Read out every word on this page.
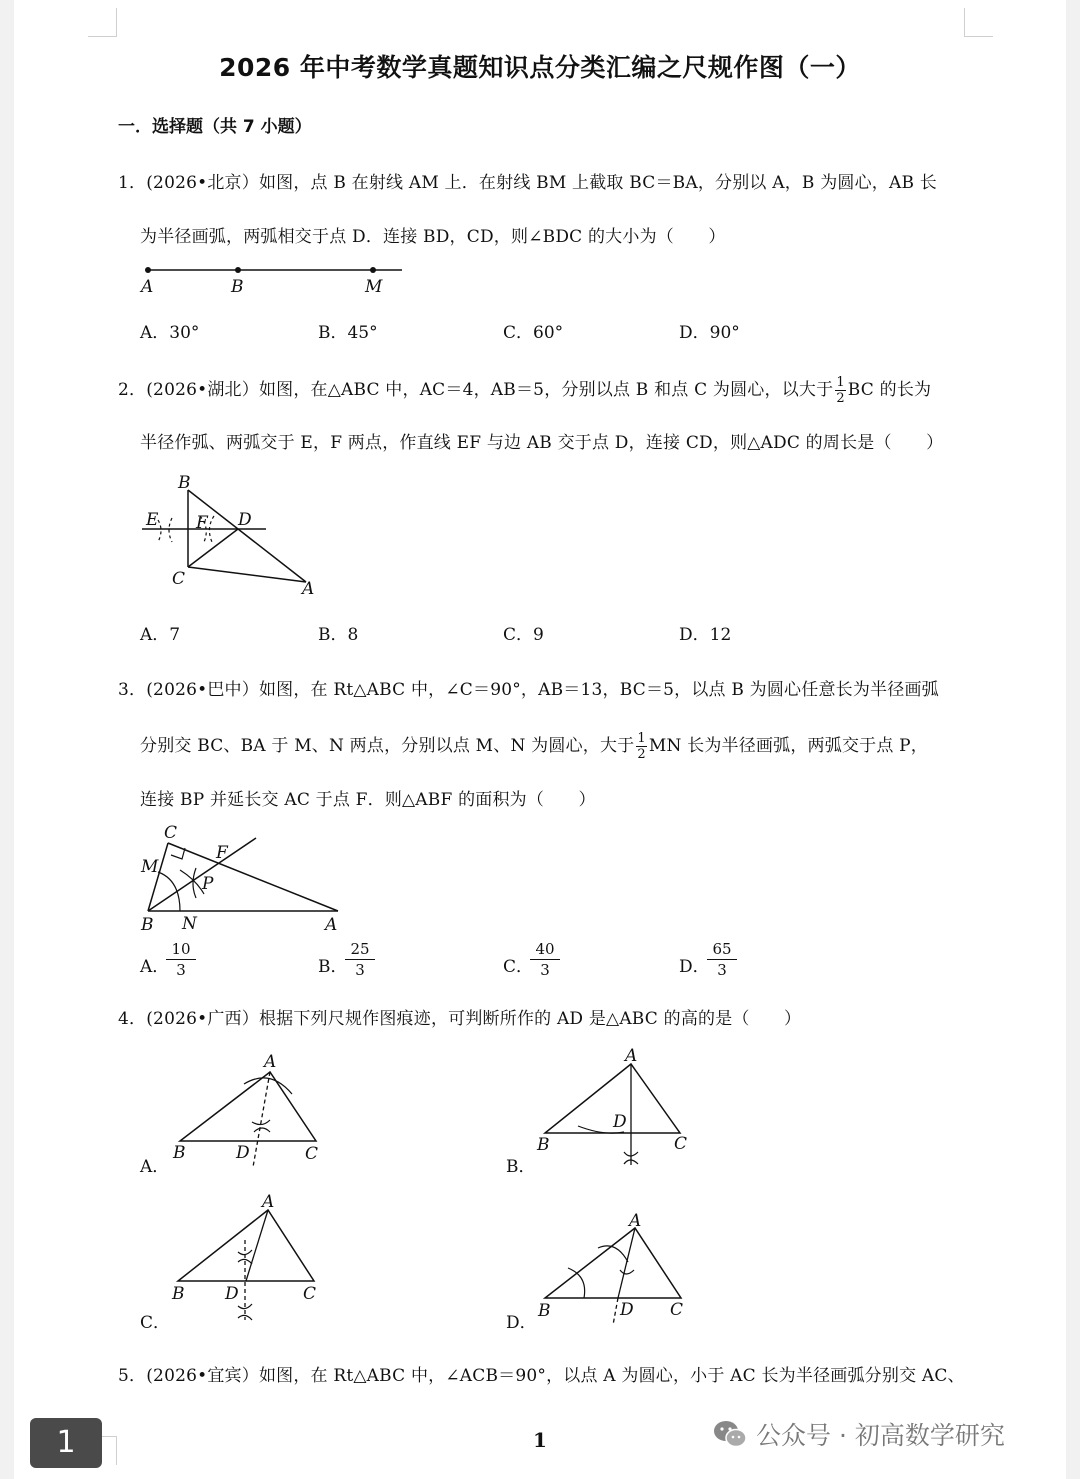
2026 年中考数学真题知识点分类汇编之尺规作图（一）
一．选择题（共 7 小题）
1．(2026•北京）如图，点 B 在射线 AM 上．在射线 BM 上截取 BC＝BA，分别以 A，B 为圆心，AB 长
为半径画弧，两弧相交于点 D．连接 BD，CD，则∠BDC 的大小为（　　）
A	B	M
A．30°	B．45°	C．60°	D．90°
2．(2026•湖北）如图，在△ABC 中，AC＝4，AB＝5，分别以点 B 和点 C 为圆心，以大于 $\frac{1}{2}$ BC 的长为
半径作弧、两弧交于 E，F 两点，作直线 EF 与边 AB 交于点 D，连接 CD，则△ADC 的周长是（　　）
B
E F D
C	A
A．7	B．8	C．9	D．12
3．(2026•巴中）如图，在 Rt△ABC 中，∠C＝90°，AB＝13，BC＝5，以点 B 为圆心任意长为半径画弧
分别交 BC、BA 于 M、N 两点，分别以点 M、N 为圆心，大于 $\frac{1}{2}$ MN 长为半径画弧，两弧交于点 P，
连接 BP 并延长交 AC 于点 F．则△ABF 的面积为（　　）
C
F
M
P
B N	A
A．
$\frac{10}{3}$	B．
$\frac{25}{3}$	C．
$\frac{40}{3}$	D．
$\frac{65}{3}$
4．(2026•广西）根据下列尺规作图痕迹，可判断所作的 AD 是△ABC 的高的是（　　）
A
B	D	C
A
D
B	C
A
B D	C
A
B	D C
A．	B．
C．	D．
5．(2026•宜宾）如图，在 Rt△ABC 中，∠ACB＝90°，以点 A 为圆心，小于 AC 长为半径画弧分别交 AC、
1
1	公众号 · 初高数学研究
